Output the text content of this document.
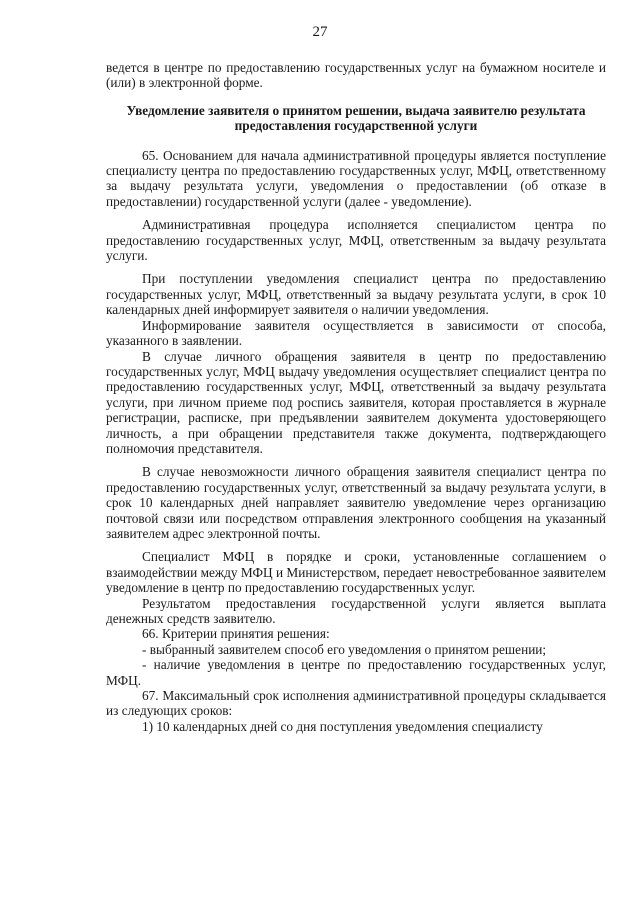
27

ведется в центре по предоставлению государственных услуг на бумажном носителе и (или) в электронной форме.

Уведомление заявителя о принятом решении, выдача заявителю результата предоставления государственной услуги

65. Основанием для начала административной процедуры является поступление специалисту центра по предоставлению государственных услуг, МФЦ, ответственному за выдачу результата услуги, уведомления о предоставлении (об отказе в предоставлении) государственной услуги (далее - уведомление).

Административная процедура исполняется специалистом центра по предоставлению государственных услуг, МФЦ, ответственным за выдачу результата услуги.

При поступлении уведомления специалист центра по предоставлению государственных услуг, МФЦ, ответственный за выдачу результата услуги, в срок 10 календарных дней информирует заявителя о наличии уведомления.

Информирование заявителя осуществляется в зависимости от способа, указанного в заявлении.

В случае личного обращения заявителя в центр по предоставлению государственных услуг, МФЦ выдачу уведомления осуществляет специалист центра по предоставлению государственных услуг, МФЦ, ответственный за выдачу результата услуги, при личном приеме под роспись заявителя, которая проставляется в журнале регистрации, расписке, при предъявлении заявителем документа удостоверяющего личность, а при обращении представителя также документа, подтверждающего полномочия представителя.

В случае невозможности личного обращения заявителя специалист центра по предоставлению государственных услуг, ответственный за выдачу результата услуги, в срок 10 календарных дней направляет заявителю уведомление через организацию почтовой связи или посредством отправления электронного сообщения на указанный заявителем адрес электронной почты.

Специалист МФЦ в порядке и сроки, установленные соглашением о взаимодействии между МФЦ и Министерством, передает невостребованное заявителем уведомление в центр по предоставлению государственных услуг.

Результатом предоставления государственной услуги является выплата денежных средств заявителю.

66. Критерии принятия решения:

- выбранный заявителем способ его уведомления о принятом решении;

- наличие уведомления в центре по предоставлению государственных услуг, МФЦ.

67. Максимальный срок исполнения административной процедуры складывается из следующих сроков:

1) 10 календарных дней со дня поступления уведомления специалисту
